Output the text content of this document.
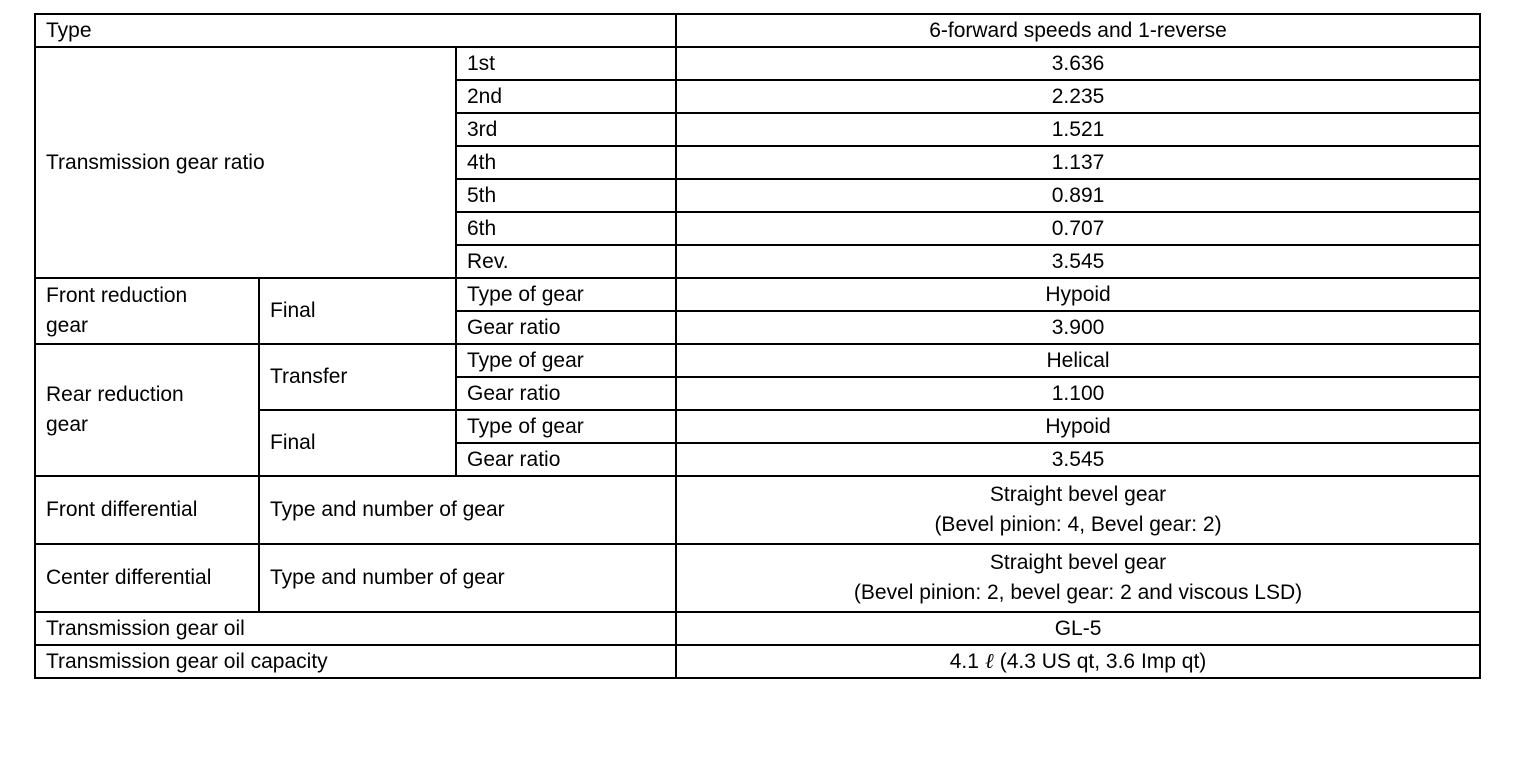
Type			6-forward speeds and 1-reverse
Transmission gear ratio		1st	3.636
		2nd	2.235
		3rd	1.521
		4th	1.137
		5th	0.891
		6th	0.707
		Rev.	3.545

Front reduction
gear	Final	Type of gear	Hypoid
		Gear ratio	3.900

Rear reduction
gear	Transfer	Type of gear	Helical
		Gear ratio	1.100
	Final	Type of gear	Hypoid
		Gear ratio	3.545
Front differential	Type and number of gear		Straight bevel gear
(Bevel pinion: 4, Bevel gear: 2)

Center differential	Type and number of gear		Straight bevel gear
(Bevel pinion: 2, bevel gear: 2 and viscous LSD)

Transmission gear oil			GL-5
Transmission gear oil capacity			4.1 ℓ (4.3 US qt, 3.6 Imp qt)
